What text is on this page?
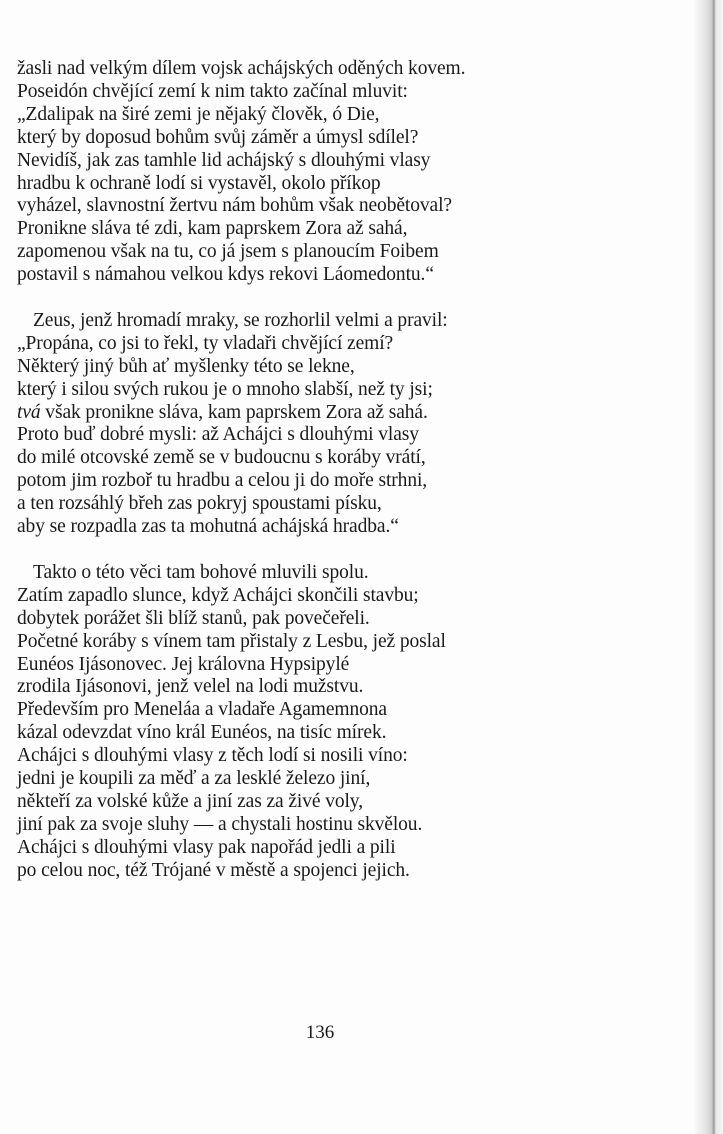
žasli nad velkým dílem vojsk achájských oděných kovem.
Poseidón chvějící zemí k nim takto začínal mluvit:
„Zdalipak na širé zemi je nějaký člověk, ó Die,
který by doposud bohům svůj záměr a úmysl sdílel?
Nevidíš, jak zas tamhle lid achájský s dlouhými vlasy
hradbu k ochraně lodí si vystavěl, okolo příkop
vyházel, slavnostní žertvu nám bohům však neobětoval?
Pronikne sláva té zdi, kam paprskem Zora až sahá,
zapomenou však na tu, co já jsem s planoucím Foibem
postavil s námahou velkou kdys rekovi Láomedontu.“

Zeus, jenž hromadí mraky, se rozhorlil velmi a pravil:
„Propána, co jsi to řekl, ty vladaři chvějící zemí?
Některý jiný bůh ať myšlenky této se lekne,
který i silou svých rukou je o mnoho slabší, než ty jsi;
tvá však pronikne sláva, kam paprskem Zora až sahá.
Proto buď dobré mysli: až Achájci s dlouhými vlasy
do milé otcovské země se v budoucnu s koráby vrátí,
potom jim rozboř tu hradbu a celou ji do moře strhni,
a ten rozsáhlý břeh zas pokryj spoustami písku,
aby se rozpadla zas ta mohutná achájská hradba.“

Takto o této věci tam bohové mluvili spolu.
Zatím zapadlo slunce, když Achájci skončili stavbu;
dobytek porážet šli blíž stanů, pak povečeřeli.
Početné koráby s vínem tam přistaly z Lesbu, jež poslal
Eunéos Ijásonovec. Jej královna Hypsipylé
zrodila Ijásonovi, jenž velel na lodi mužstvu.
Především pro Meneláa a vladaře Agamemnona
kázal odevzdat víno král Eunéos, na tisíc mírek.
Achájci s dlouhými vlasy z těch lodí si nosili víno:
jedni je koupili za měď a za lesklé železo jiní,
někteří za volské kůže a jiní zas za živé voly,
jiní pak za svoje sluhy — a chystali hostinu skvělou.
Achájci s dlouhými vlasy pak napořád jedli a pili
po celou noc, též Trójané v městě a spojenci jejich.

136
